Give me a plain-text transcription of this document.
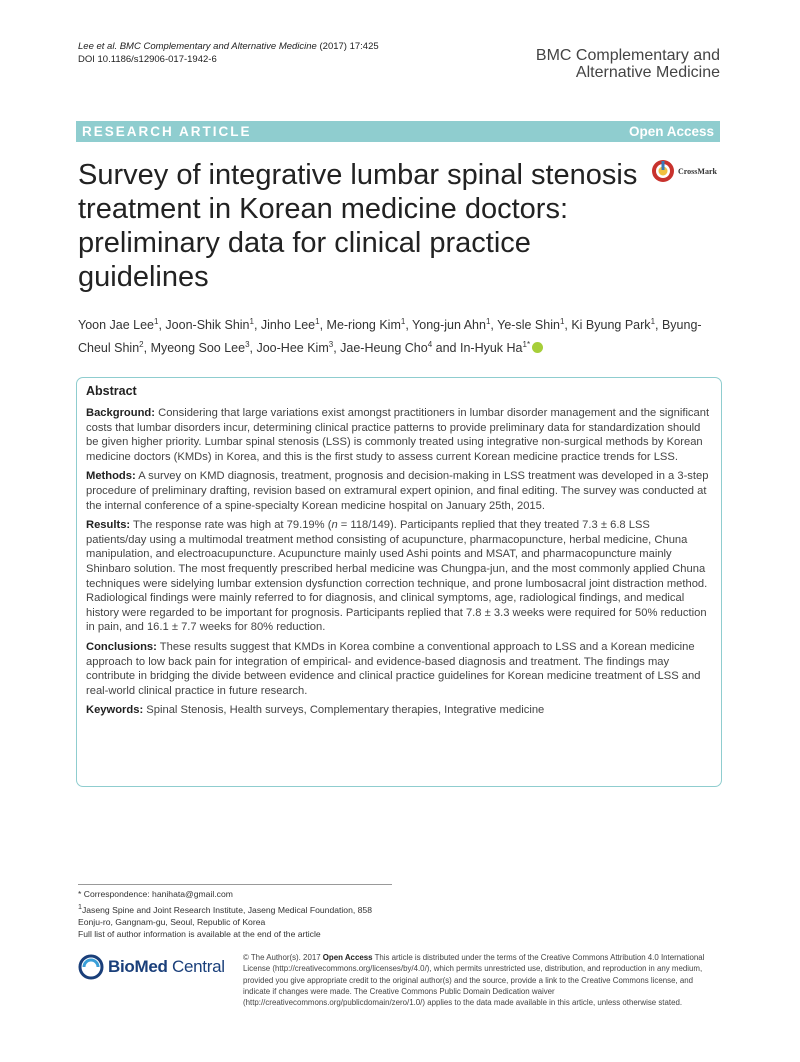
Lee et al. BMC Complementary and Alternative Medicine (2017) 17:425
DOI 10.1186/s12906-017-1942-6	BMC Complementary and
Alternative Medicine
RESEARCH ARTICLE	Open Access
Survey of integrative lumbar spinal stenosis treatment in Korean medicine doctors: preliminary data for clinical practice guidelines
CrossMark
Yoon Jae Lee$^1$, Joon-Shik Shin$^1$, Jinho Lee$^1$, Me-riong Kim$^1$, Yong-jun Ahn$^1$, Ye-sle Shin$^1$, Ki Byung Park$^1$, Byung-Cheul Shin$^2$, Myeong Soo Lee$^3$, Joo-Hee Kim$^3$, Jae-Heung Cho$^4$ and In-Hyuk $Ha^{1*}$
Abstract

Background: Considering that large variations exist amongst practitioners in lumbar disorder management and the significant costs that lumbar disorders incur, determining clinical practice patterns to provide preliminary data for standardization should be given higher priority. Lumbar spinal stenosis (LSS) is commonly treated using integrative non-surgical methods by Korean medicine doctors (KMDs) in Korea, and this is the first study to assess current Korean medicine practice trends for LSS.

Methods: A survey on KMD diagnosis, treatment, prognosis and decision-making in LSS treatment was developed in a 3-step procedure of preliminary drafting, revision based on extramural expert opinion, and final editing. The survey was conducted at the internal conference of a spine-specialty Korean medicine hospital on January 25th, 2015.

Results: The response rate was high at 79.19% (n = 118/149). Participants replied that they treated 7.3 ± 6.8 LSS patients/day using a multimodal treatment method consisting of acupuncture, pharmacopuncture, herbal medicine, Chuna manipulation, and electroacupuncture. Acupuncture mainly used Ashi points and MSAT, and pharmacopuncture mainly Shinbaro solution. The most frequently prescribed herbal medicine was Chungpa-jun, and the most commonly applied Chuna techniques were sidelying lumbar extension dysfunction correction technique, and prone lumbosacral joint distraction method. Radiological findings were mainly referred to for diagnosis, and clinical symptoms, age, radiological findings, and medical history were regarded to be important for prognosis. Participants replied that 7.8 ± 3.3 weeks were required for 50% reduction in pain, and 16.1 ± 7.7 weeks for 80% reduction.

Conclusions: These results suggest that KMDs in Korea combine a conventional approach to LSS and a Korean medicine approach to low back pain for integration of empirical- and evidence-based diagnosis and treatment. The findings may contribute in bridging the divide between evidence and clinical practice guidelines for Korean medicine treatment of LSS and real-world clinical practice in future research.

Keywords: Spinal Stenosis, Health surveys, Complementary therapies, Integrative medicine

* Correspondence: hanihata@gmail.com
$^1$Jaseng Spine and Joint Research Institute, Jaseng Medical Foundation, 858 Eonju-ro, Gangnam-gu, Seoul, Republic of Korea
Full list of author information is available at the end of the article
BioMed Central © The Author(s). 2017 Open Access This article is distributed under the terms of the Creative Commons Attribution 4.0 International License (http://creativecommons.org/licenses/by/4.0/), which permits unrestricted use, distribution, and reproduction in any medium, provided you give appropriate credit to the original author(s) and the source, provide a link to the Creative Commons license, and indicate if changes were made. The Creative Commons Public Domain Dedication waiver (http://creativecommons.org/publicdomain/zero/1.0/) applies to the data made available in this article, unless otherwise stated.
